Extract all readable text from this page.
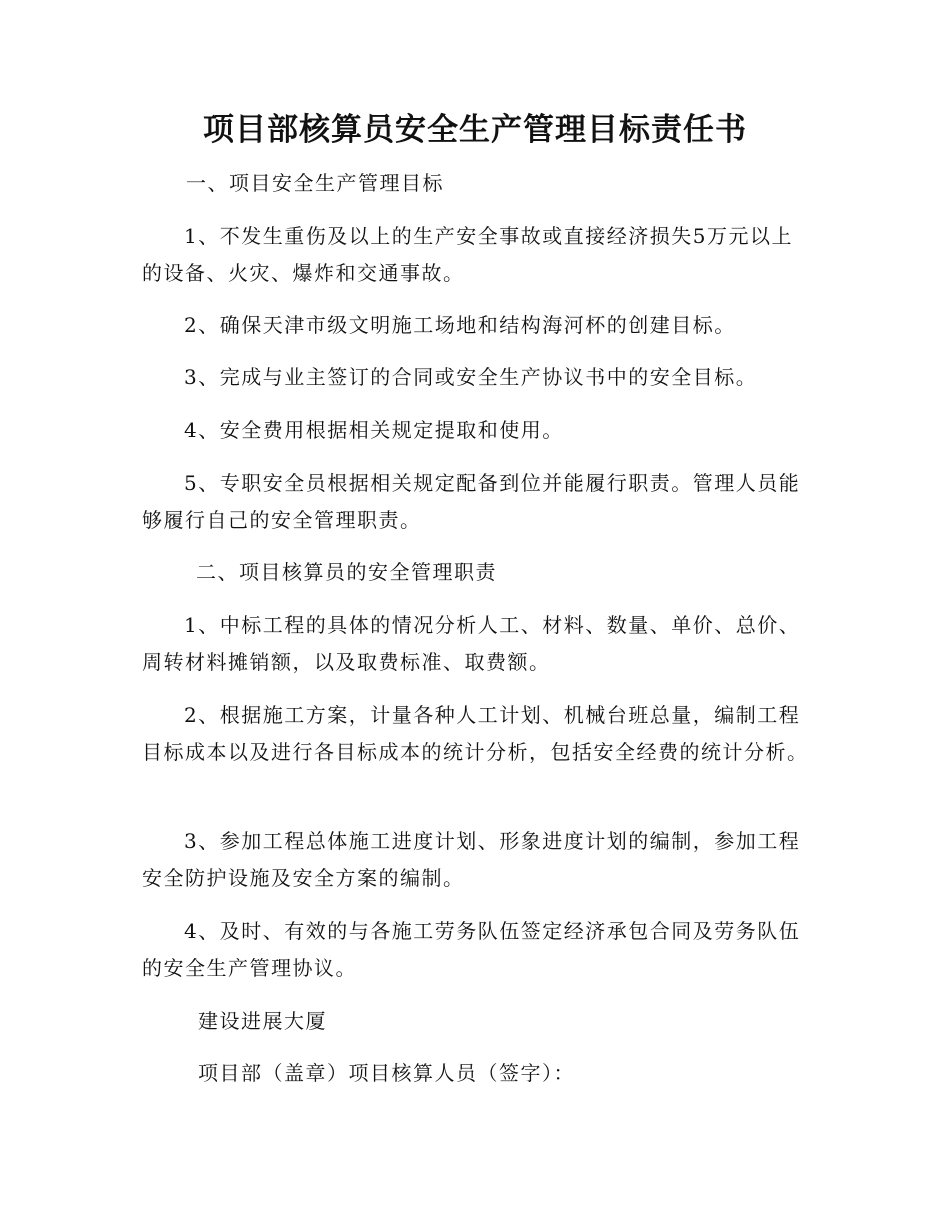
项目部核算员安全生产管理目标责任书
一、项目安全生产管理目标
1、不发生重伤及以上的生产安全事故或直接经济损失5万元以上的设备、火灾、爆炸和交通事故。
2、确保天津市级文明施工场地和结构海河杯的创建目标。
3、完成与业主签订的合同或安全生产协议书中的安全目标。
4、安全费用根据相关规定提取和使用。
5、专职安全员根据相关规定配备到位并能履行职责。管理人员能够履行自己的安全管理职责。
二、项目核算员的安全管理职责
1、中标工程的具体的情况分析人工、材料、数量、单价、总价、周转材料摊销额，以及取费标准、取费额。
2、根据施工方案，计量各种人工计划、机械台班总量，编制工程目标成本以及进行各目标成本的统计分析，包括安全经费的统计分析。
3、参加工程总体施工进度计划、形象进度计划的编制，参加工程安全防护设施及安全方案的编制。
4、及时、有效的与各施工劳务队伍签定经济承包合同及劳务队伍的安全生产管理协议。
建设进展大厦
项目部（盖章）项目核算人员（签字）：
